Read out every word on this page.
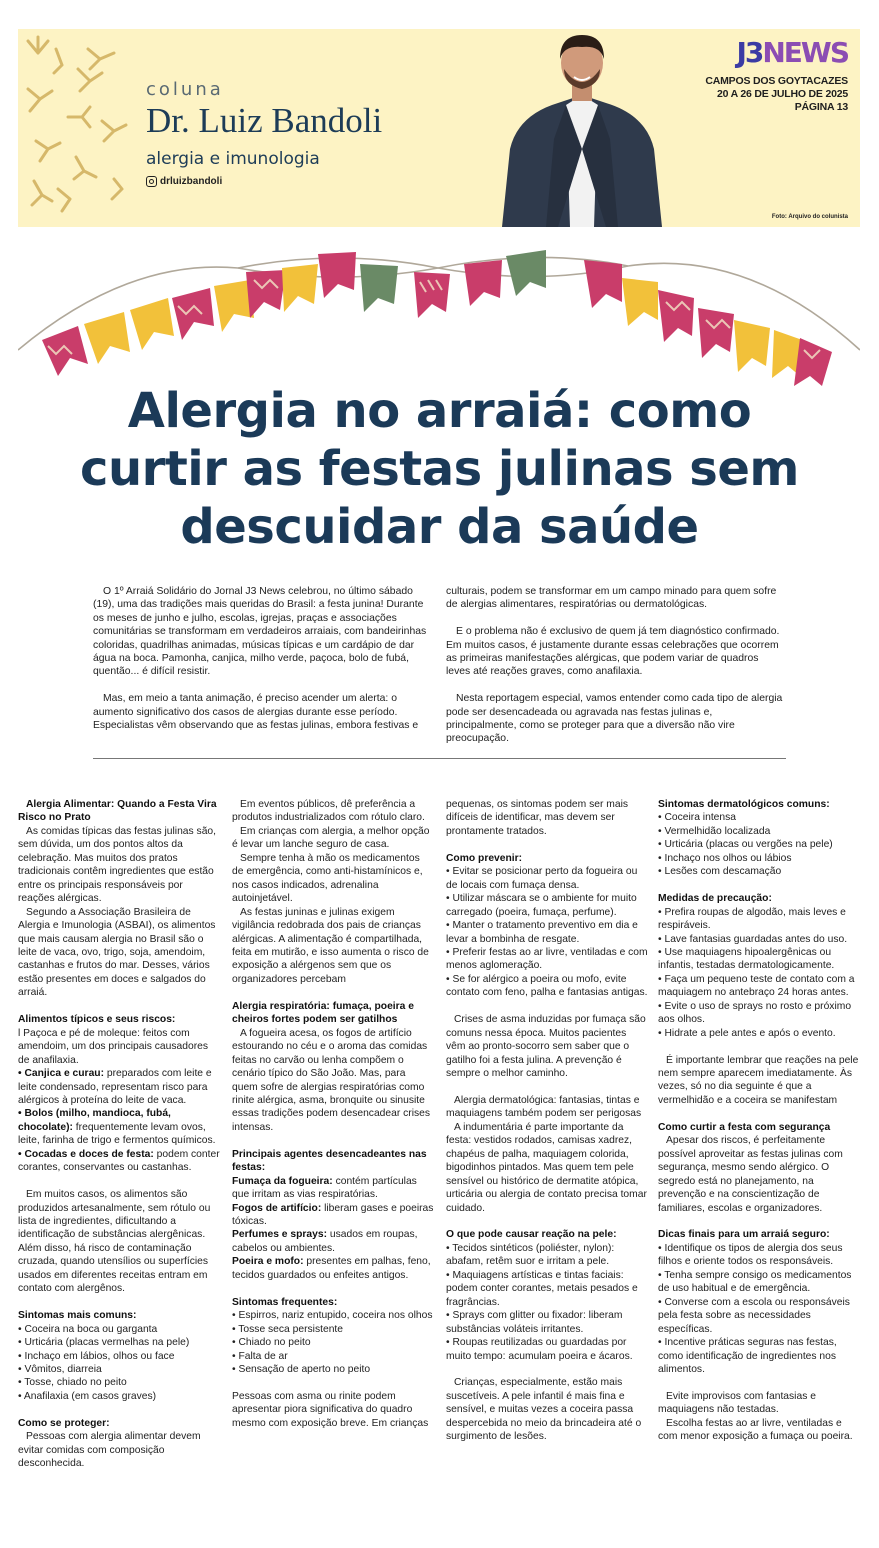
coluna
Dr. Luiz Bandoli
alergia e imunologia
drluizbandoli
J3NEWS
CAMPOS DOS GOYTACAZES
20 A 26 DE JULHO DE 2025
PÁGINA 13
Foto: Arquivo do colunista
Alergia no arraiá: como
curtir as festas julinas sem
descuidar da saúde

O 1º Arraiá Solidário do Jornal J3 News celebrou, no último sábado (19), uma das tradições mais queridas do Brasil: a festa junina! Durante os meses de junho e julho, escolas, igrejas, praças e associações comunitárias se transformam em verdadeiros arraiais, com bandeirinhas coloridas, quadrilhas animadas, músicas típicas e um cardápio de dar água na boca. Pamonha, canjica, milho verde, paçoca, bolo de fubá, quentão... é difícil resistir.

Mas, em meio a tanta animação, é preciso acender um alerta: o aumento significativo dos casos de alergias durante esse período. Especialistas vêm observando que as festas julinas, embora festivas e

culturais, podem se transformar em um campo minado para quem sofre de alergias alimentares, respiratórias ou dermatológicas.

E o problema não é exclusivo de quem já tem diagnóstico confirmado. Em muitos casos, é justamente durante essas celebrações que ocorrem as primeiras manifestações alérgicas, que podem variar de quadros leves até reações graves, como anafilaxia.

Nesta reportagem especial, vamos entender como cada tipo de alergia pode ser desencadeada ou agravada nas festas julinas e, principalmente, como se proteger para que a diversão não vire preocupação.

Alergia Alimentar: Quando a Festa Vira Risco no Prato
As comidas típicas das festas julinas são, sem dúvida, um dos pontos altos da celebração. Mas muitos dos pratos tradicionais contêm ingredientes que estão entre os principais responsáveis por reações alérgicas.
Segundo a Associação Brasileira de Alergia e Imunologia (ASBAI), os alimentos que mais causam alergia no Brasil são o leite de vaca, ovo, trigo, soja, amendoim, castanhas e frutos do mar. Desses, vários estão presentes em doces e salgados do arraiá.
Alimentos típicos e seus riscos:
l Paçoca e pé de moleque: feitos com amendoim, um dos principais causadores de anafilaxia.
• Canjica e curau: preparados com leite e leite condensado, representam risco para alérgicos à proteína do leite de vaca.
• Bolos (milho, mandioca, fubá, chocolate): frequentemente levam ovos, leite, farinha de trigo e fermentos químicos.
• Cocadas e doces de festa: podem conter corantes, conservantes ou castanhas.
Em muitos casos, os alimentos são produzidos artesanalmente, sem rótulo ou lista de ingredientes, dificultando a identificação de substâncias alergênicas. Além disso, há risco de contaminação cruzada, quando utensílios ou superfícies usados em diferentes receitas entram em contato com alergênos.
Sintomas mais comuns:
• Coceira na boca ou garganta
• Urticária (placas vermelhas na pele)
• Inchaço em lábios, olhos ou face
• Vômitos, diarreia
• Tosse, chiado no peito
• Anafilaxia (em casos graves)
Como se proteger:
Pessoas com alergia alimentar devem evitar comidas com composição desconhecida.
Em eventos públicos, dê preferência a produtos industrializados com rótulo claro.
Em crianças com alergia, a melhor opção é levar um lanche seguro de casa.
Sempre tenha à mão os medicamentos de emergência, como anti-histamínicos e, nos casos indicados, adrenalina autoinjetável.
As festas juninas e julinas exigem vigilância redobrada dos pais de crianças alérgicas. A alimentação é compartilhada, feita em mutirão, e isso aumenta o risco de exposição a alérgenos sem que os organizadores percebam
Alergia respiratória: fumaça, poeira e cheiros fortes podem ser gatilhos
A fogueira acesa, os fogos de artifício estourando no céu e o aroma das comidas feitas no carvão ou lenha compõem o cenário típico do São João. Mas, para quem sofre de alergias respiratórias como rinite alérgica, asma, bronquite ou sinusite essas tradições podem desencadear crises intensas.
Principais agentes desencadeantes nas festas:
Fumaça da fogueira: contém partículas que irritam as vias respiratórias.
Fogos de artifício: liberam gases e poeiras tóxicas.
Perfumes e sprays: usados em roupas, cabelos ou ambientes.
Poeira e mofo: presentes em palhas, feno, tecidos guardados ou enfeites antigos.
Sintomas frequentes:
• Espirros, nariz entupido, coceira nos olhos
• Tosse seca persistente
• Chiado no peito
• Falta de ar
• Sensação de aperto no peito
Pessoas com asma ou rinite podem apresentar piora significativa do quadro mesmo com exposição breve. Em crianças
pequenas, os sintomas podem ser mais difíceis de identificar, mas devem ser prontamente tratados.
Como prevenir:
• Evitar se posicionar perto da fogueira ou de locais com fumaça densa.
• Utilizar máscara se o ambiente for muito carregado (poeira, fumaça, perfume).
• Manter o tratamento preventivo em dia e levar a bombinha de resgate.
• Preferir festas ao ar livre, ventiladas e com menos aglomeração.
• Se for alérgico a poeira ou mofo, evite contato com feno, palha e fantasias antigas.
Crises de asma induzidas por fumaça são comuns nessa época. Muitos pacientes vêm ao pronto-socorro sem saber que o gatilho foi a festa julina. A prevenção é sempre o melhor caminho.
Alergia dermatológica: fantasias, tintas e maquiagens também podem ser perigosas
A indumentária é parte importante da festa: vestidos rodados, camisas xadrez, chapéus de palha, maquiagem colorida, bigodinhos pintados. Mas quem tem pele sensível ou histórico de dermatite atópica, urticária ou alergia de contato precisa tomar cuidado.
O que pode causar reação na pele:
• Tecidos sintéticos (poliéster, nylon): abafam, retêm suor e irritam a pele.
• Maquiagens artísticas e tintas faciais: podem conter corantes, metais pesados e fragrâncias.
• Sprays com glitter ou fixador: liberam substâncias voláteis irritantes.
• Roupas reutilizadas ou guardadas por muito tempo: acumulam poeira e ácaros.
Crianças, especialmente, estão mais suscetíveis. A pele infantil é mais fina e sensível, e muitas vezes a coceira passa despercebida no meio da brincadeira até o surgimento de lesões.
Sintomas dermatológicos comuns:
• Coceira intensa
• Vermelhidão localizada
• Urticária (placas ou vergões na pele)
• Inchaço nos olhos ou lábios
• Lesões com descamação
Medidas de precaução:
• Prefira roupas de algodão, mais leves e respiráveis.
• Lave fantasias guardadas antes do uso.
• Use maquiagens hipoalergênicas ou infantis, testadas dermatologicamente.
• Faça um pequeno teste de contato com a maquiagem no antebraço 24 horas antes.
• Evite o uso de sprays no rosto e próximo aos olhos.
• Hidrate a pele antes e após o evento.
É importante lembrar que reações na pele nem sempre aparecem imediatamente. Às vezes, só no dia seguinte é que a vermelhidão e a coceira se manifestam
Como curtir a festa com segurança
Apesar dos riscos, é perfeitamente possível aproveitar as festas julinas com segurança, mesmo sendo alérgico. O segredo está no planejamento, na prevenção e na conscientização de familiares, escolas e organizadores.
Dicas finais para um arraiá seguro:
• Identifique os tipos de alergia dos seus filhos e oriente todos os responsáveis.
• Tenha sempre consigo os medicamentos de uso habitual e de emergência.
• Converse com a escola ou responsáveis pela festa sobre as necessidades específicas.
• Incentive práticas seguras nas festas, como identificação de ingredientes nos alimentos.
Evite improvisos com fantasias e maquiagens não testadas.
Escolha festas ao ar livre, ventiladas e com menor exposição a fumaça ou poeira.
